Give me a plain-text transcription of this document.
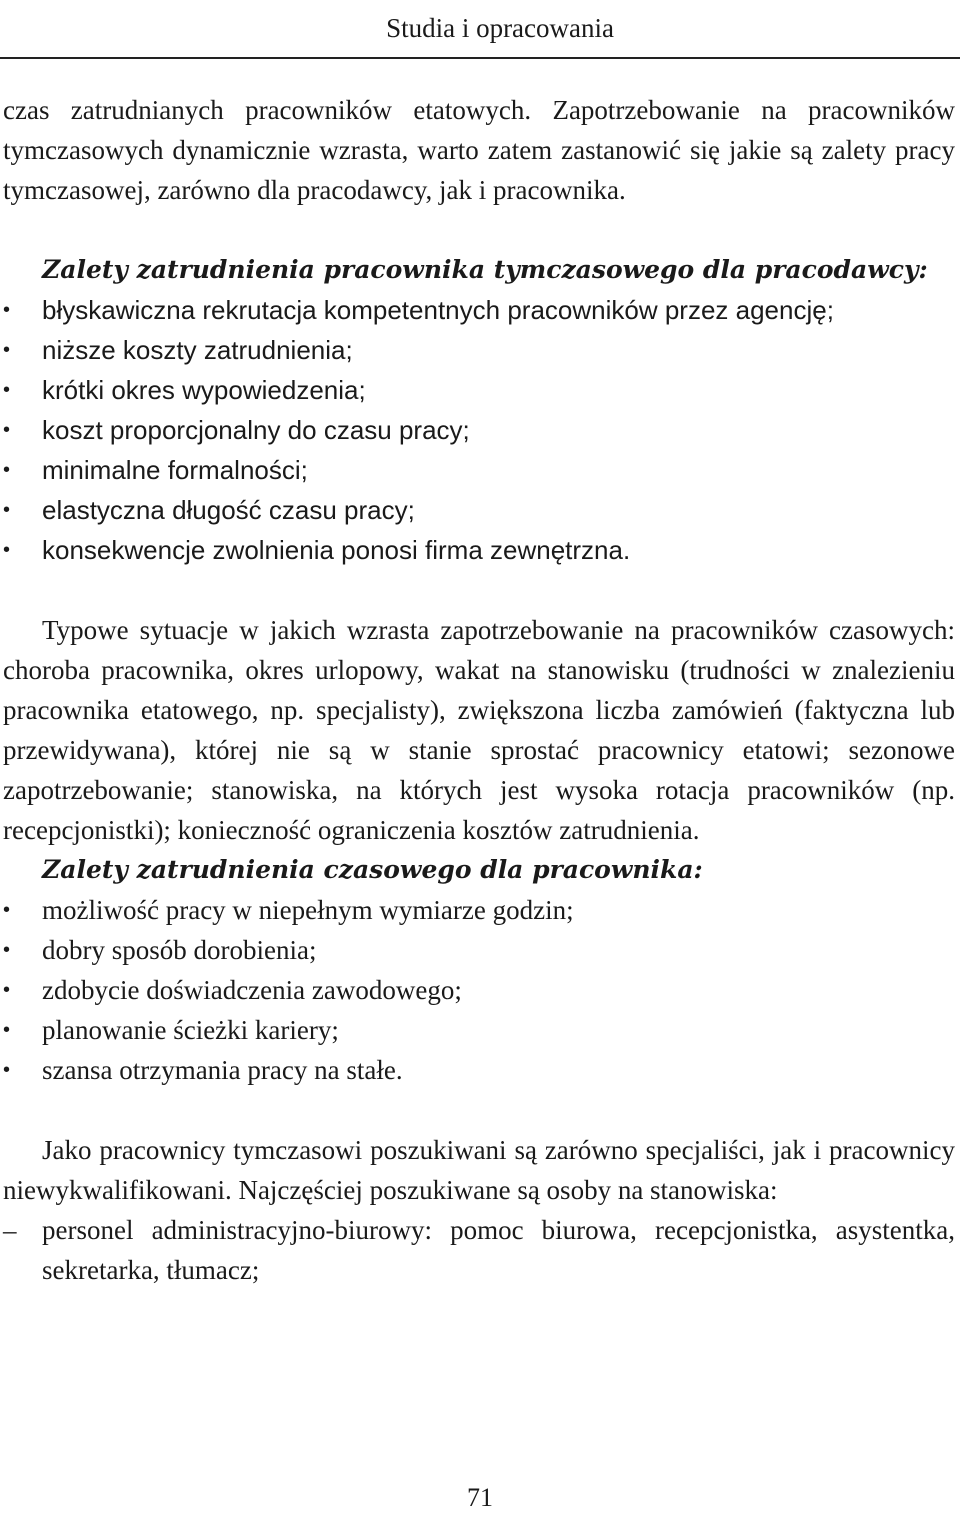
Studia i opracowania

czas zatrudnianych pracowników etatowych. Zapotrzebowanie na pracowników tymczasowych dynamicznie wzrasta, warto zatem zastanowić się jakie są zalety pracy tymczasowej, zarówno dla pracodawcy, jak i pracownika.

Zalety zatrudnienia pracownika tymczasowego dla pracodawcy:
•	błyskawiczna rekrutacja kompetentnych pracowników przez agencję;
•	niższe koszty zatrudnienia;
•	krótki okres wypowiedzenia;
•	koszt proporcjonalny do czasu pracy;
•	minimalne formalności;
•	elastyczna długość czasu pracy;
•	konsekwencje zwolnienia ponosi firma zewnętrzna.

Typowe sytuacje w jakich wzrasta zapotrzebowanie na pracowników czasowych: choroba pracownika, okres urlopowy, wakat na stanowisku (trudności w znalezieniu pracownika etatowego, np. specjalisty), zwiększona liczba zamówień (faktyczna lub przewidywana), której nie są w stanie sprostać pracownicy etatowi; sezonowe zapotrzebowanie; stanowiska, na których jest wysoka rotacja pracowników (np. recepcjonistki); konieczność ograniczenia kosztów zatrudnienia.

Zalety zatrudnienia czasowego dla pracownika:
•	możliwość pracy w niepełnym wymiarze godzin;
•	dobry sposób dorobienia;
•	zdobycie doświadczenia zawodowego;
•	planowanie ścieżki kariery;
•	szansa otrzymania pracy na stałe.

Jako pracownicy tymczasowi poszukiwani są zarówno specjaliści, jak i pracownicy niewykwalifikowani. Najczęściej poszukiwane są osoby na stanowiska:

– personel administracyjno-biurowy: pomoc biurowa, recepcjonistka, asystentka, sekretarka, tłumacz;
71
